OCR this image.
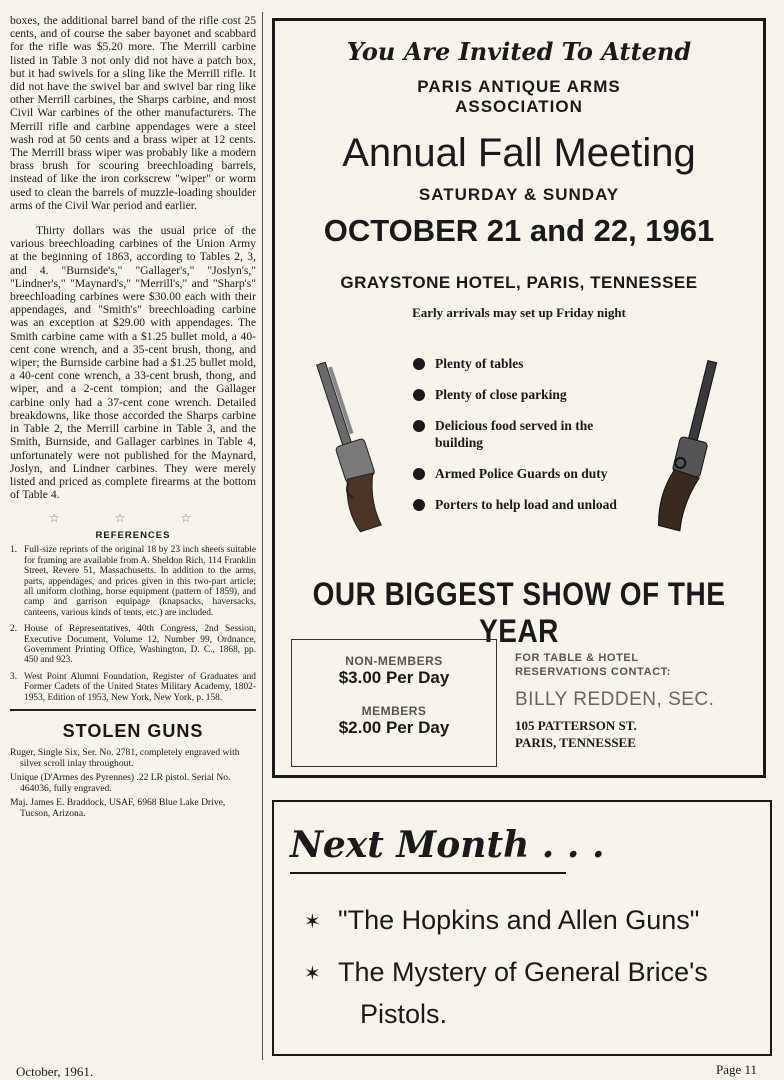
boxes, the additional barrel band of the rifle cost 25 cents, and of course the saber bayonet and scabbard for the rifle was $5.20 more. The Merrill carbine listed in Table 3 not only did not have a patch box, but it had swivels for a sling like the Merrill rifle. It did not have the swivel bar and swivel bar ring like other Merrill carbines, the Sharps carbine, and most Civil War carbines of the other manufacturers. The Merrill rifle and carbine appendages were a steel wash rod at 50 cents and a brass wiper at 12 cents. The Merrill brass wiper was probably like a modern brass brush for scouring breechloading barrels, instead of like the iron corkscrew "wiper" or worm used to clean the barrels of muzzle-loading shoulder arms of the Civil War period and earlier.

Thirty dollars was the usual price of the various breechloading carbines of the Union Army at the beginning of 1863, according to Tables 2, 3, and 4. "Burnside's," "Gallager's," "Joslyn's," "Lindner's," "Maynard's," "Merrill's," and "Sharp's" breechloading carbines were $30.00 each with their appendages, and "Smith's" breechloading carbine was an exception at $29.00 with appendages. The Smith carbine came with a $1.25 bullet mold, a 40-cent cone wrench, and a 35-cent brush, thong, and wiper; the Burnside carbine had a $1.25 bullet mold, a 40-cent cone wrench, a 33-cent brush, thong, and wiper, and a 2-cent tompion; and the Gallager carbine only had a 37-cent cone wrench. Detailed breakdowns, like those accorded the Sharps carbine in Table 2, the Merrill carbine in Table 3, and the Smith, Burnside, and Gallager carbines in Table 4, unfortunately were not published for the Maynard, Joslyn, and Lindner carbines. They were merely listed and priced as complete firearms at the bottom of Table 4.

☆ ☆ ☆
REFERENCES
1. Full-size reprints of the original 18 by 23 inch sheets suitable for framing are available from A. Sheldon Rich, 114 Franklin Street, Revere 51, Massachusetts. In addition to the arms, parts, appendages, and prices given in this two-part article; all uniform clothing, horse equipment (pattern of 1859), and camp and garrison equipage (knapsacks, haversacks, canteens, various kinds of tents, etc.) are included.
2. House of Representatives, 40th Congress, 2nd Session, Executive Document, Volume 12, Number 99, Ordnance, Government Printing Office, Washington, D. C., 1868, pp. 450 and 923.
3. West Point Alumni Foundation, Register of Graduates and Former Cadets of the United States Military Academy, 1802-1953, Edition of 1953, New York, New York, p. 158.
STOLEN GUNS

Ruger, Single Six, Ser. No. 2781, completely engraved with silver scroll inlay throughout.

Unique (D'Armes des Pyrennes) .22 LR pistol. Serial No. 464036, fully engraved.

Maj. James E. Braddock, USAF, 6968 Blue Lake Drive, Tucson, Arizona.

You Are Invited To Attend
PARIS ANTIQUE ARMS
ASSOCIATION
Annual Fall Meeting
SATURDAY & SUNDAY
OCTOBER 21 and 22, 1961
GRAYSTONE HOTEL, PARIS, TENNESSEE
Early arrivals may set up Friday night
Plenty of tables
Plenty of close parking
Delicious food served in the building
Armed Police Guards on duty
Porters to help load and unload
OUR BIGGEST SHOW OF THE YEAR
NON-MEMBERS
$3.00 Per Day
MEMBERS
$2.00 Per Day
FOR TABLE & HOTEL
RESERVATIONS CONTACT:
BILLY REDDEN, SEC.
105 PATTERSON ST.
PARIS, TENNESSEE
Next Month . . .
✶ "The Hopkins and Allen Guns"
✶ The Mystery of General Brice's
Pistols.
October, 1961.	Page 11
